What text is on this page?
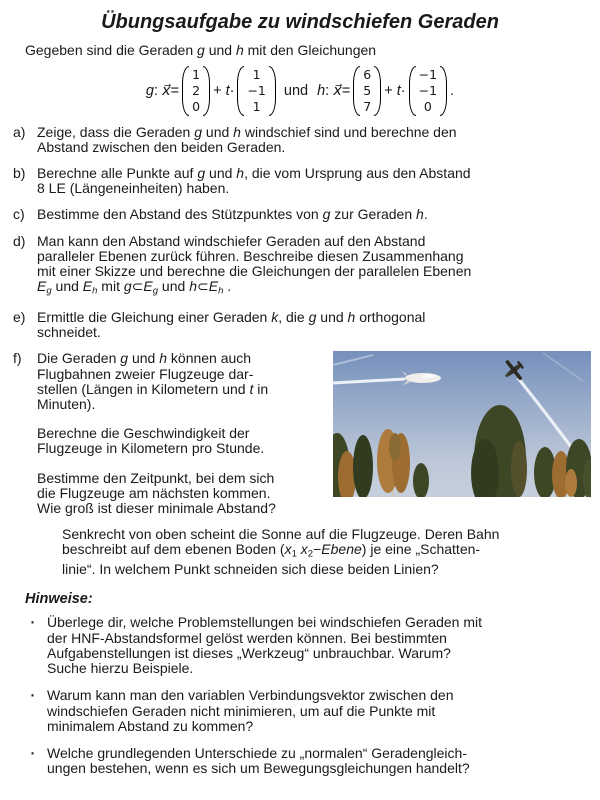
Übungsaufgabe zu windschiefen Geraden
Gegeben sind die Geraden g und h mit den Gleichungen
g: x⃗=
1
2
0
+ t·
1
−1
1
und h: x⃗=
6
5
7
+ t·
−1
−1
0
.
a) Zeige, dass die Geraden g und h windschief sind und berechne den
Abstand zwischen den beiden Geraden.
b) Berechne alle Punkte auf g und h, die vom Ursprung aus den Abstand
8 LE (Längeneinheiten) haben.
c) Bestimme den Abstand des Stützpunktes von g zur Geraden h.
d) Man kann den Abstand windschiefer Geraden auf den Abstand
paralleler Ebenen zurück führen. Beschreibe diesen Zusammenhang
mit einer Skizze und berechne die Gleichungen der parallelen Ebenen
$E_g$ und $E_h$ mit $g\subset E_g$ und $h\subset E_h$ .
e) Ermittle die Gleichung einer Geraden k, die g und h orthogonal
schneidet.
f)	Die Geraden g und h können auch
Flugbahnen zweier Flugzeuge dar-
stellen (Längen in Kilometern und t in
Minuten).
Berechne die Geschwindigkeit der
Flugzeuge in Kilometern pro Stunde.
Bestimme den Zeitpunkt, bei dem sich
die Flugzeuge am nächsten kommen.
Wie groß ist dieser minimale Abstand?
Senkrecht von oben scheint die Sonne auf die Flugzeuge. Deren Bahn
beschreibt auf dem ebenen Boden ($x_1$ $x_2-Ebene$) je eine „Schatten-
linie“. In welchem Punkt schneiden sich diese beiden Linien?
Hinweise:
· Überlege dir, welche Problemstellungen bei windschiefen Geraden mit
der HNF-Abstandsformel gelöst werden können. Bei bestimmten
Aufgabenstellungen ist dieses „Werkzeug“ unbrauchbar. Warum?
Suche hierzu Beispiele.
· Warum kann man den variablen Verbindungsvektor zwischen den
windschiefen Geraden nicht minimieren, um auf die Punkte mit
minimalem Abstand zu kommen?
· Welche grundlegenden Unterschiede zu „normalen“ Geradengleich-
ungen bestehen, wenn es sich um Bewegungsgleichungen handelt?
